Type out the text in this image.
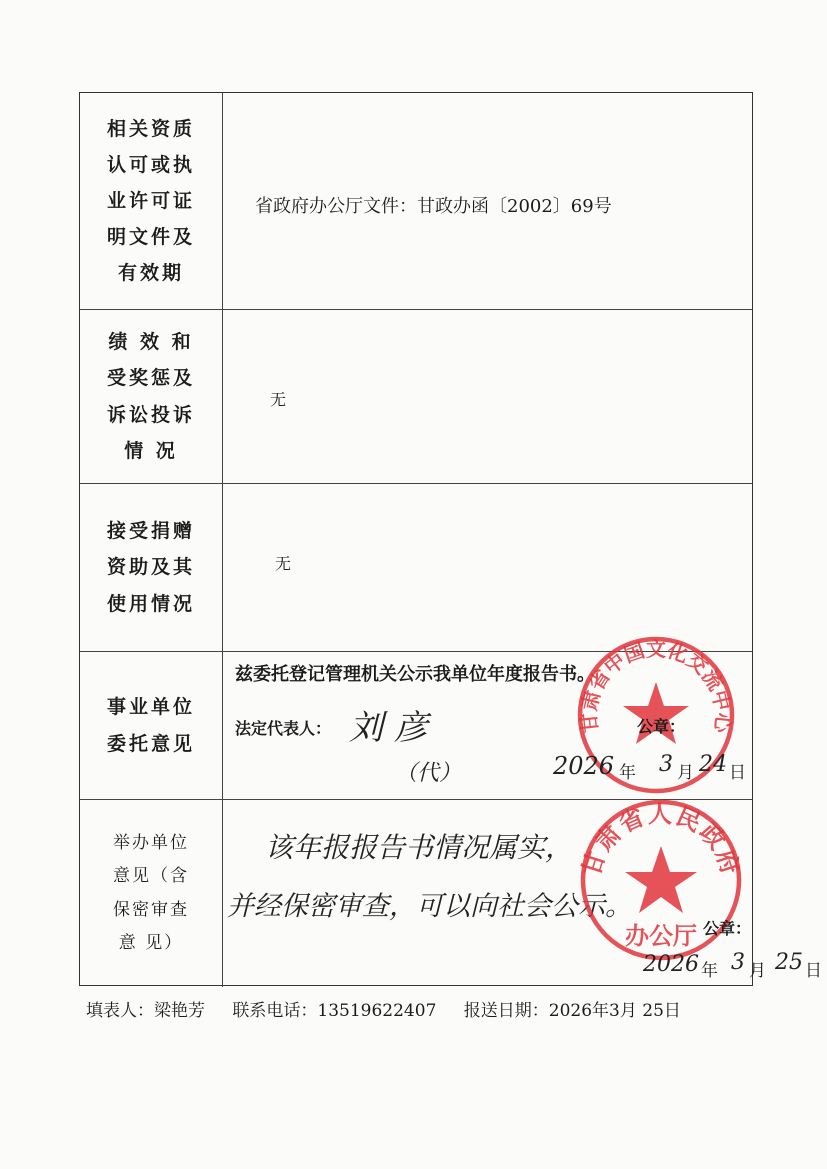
相关资质
认可或执
业许可证
明文件及
有效期
省政府办公厅文件：甘政办函〔2002〕69号
绩 效 和
受奖惩及
诉讼投诉
情 况
无
接受捐赠
资助及其
使用情况
无
事业单位
委托意见
兹委托登记管理机关公示我单位年度报告书。
法定代表人： 刘 彦
（代）
甘肃省中国文化交流中心
公章：
2026 年 3 月 24 日
举办单位
意见（含
保密审查
意 见）
该年报报告书情况属实，
并经保密审查，可以向社会公示。
甘肃省人民政府
办公厅 公章：
2026 年 3 月 25 日
填表人：梁艳芳 联系电话：13519622407 报送日期：2026年3月 25日
